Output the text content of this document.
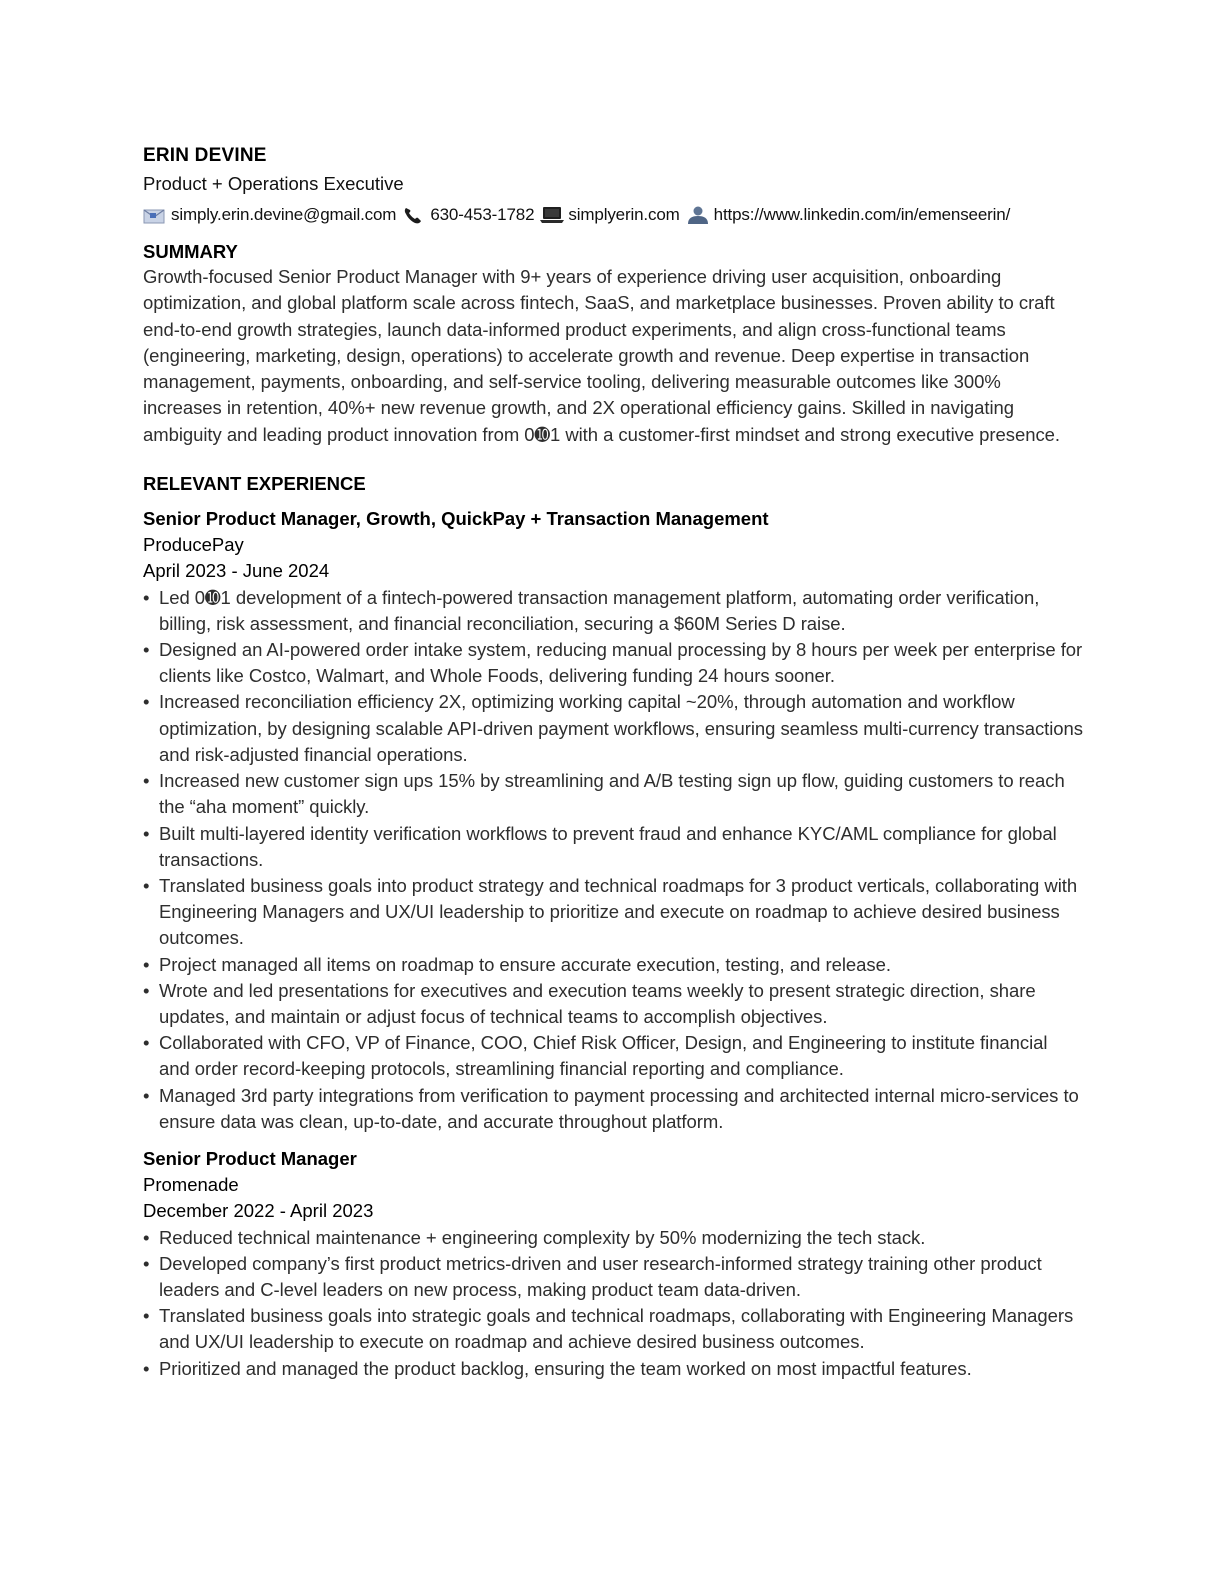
ERIN DEVINE
Product + Operations Executive
simply.erin.devine@gmail.com 630-453-1782 simplyerin.com https://www.linkedin.com/in/emenseerin/
SUMMARY

Growth-focused Senior Product Manager with 9+ years of experience driving user acquisition, onboarding optimization, and global platform scale across fintech, SaaS, and marketplace businesses. Proven ability to craft end-to-end growth strategies, launch data-informed product experiments, and align cross-functional teams (engineering, marketing, design, operations) to accelerate growth and revenue. Deep expertise in transaction management, payments, onboarding, and self-service tooling, delivering measurable outcomes like 300% increases in retention, 40%+ new revenue growth, and 2X operational efficiency gains. Skilled in navigating ambiguity and leading product innovation from 0➓1 with a customer-first mindset and strong executive presence.

RELEVANT EXPERIENCE
Senior Product Manager, Growth, QuickPay + Transaction Management
ProducePay
April 2023 - June 2024
• Led 0➓1 development of a fintech-powered transaction management platform, automating order verification, billing, risk assessment, and financial reconciliation, securing a $60M Series D raise.
• Designed an AI-powered order intake system, reducing manual processing by 8 hours per week per enterprise for clients like Costco, Walmart, and Whole Foods, delivering funding 24 hours sooner.
• Increased reconciliation efficiency 2X, optimizing working capital ~20%, through automation and workflow optimization, by designing scalable API-driven payment workflows, ensuring seamless multi-currency transactions and risk-adjusted financial operations.
• Increased new customer sign ups 15% by streamlining and A/B testing sign up flow, guiding customers to reach the “aha moment” quickly.
• Built multi-layered identity verification workflows to prevent fraud and enhance KYC/AML compliance for global transactions.
• Translated business goals into product strategy and technical roadmaps for 3 product verticals, collaborating with Engineering Managers and UX/UI leadership to prioritize and execute on roadmap to achieve desired business outcomes.
• Project managed all items on roadmap to ensure accurate execution, testing, and release.
• Wrote and led presentations for executives and execution teams weekly to present strategic direction, share updates, and maintain or adjust focus of technical teams to accomplish objectives.
• Collaborated with CFO, VP of Finance, COO, Chief Risk Officer, Design, and Engineering to institute financial and order record-keeping protocols, streamlining financial reporting and compliance.
• Managed 3rd party integrations from verification to payment processing and architected internal micro-services to ensure data was clean, up-to-date, and accurate throughout platform.
Senior Product Manager
Promenade
December 2022 - April 2023
• Reduced technical maintenance + engineering complexity by 50% modernizing the tech stack.
• Developed company’s first product metrics-driven and user research-informed strategy training other product leaders and C-level leaders on new process, making product team data-driven.
• Translated business goals into strategic goals and technical roadmaps, collaborating with Engineering Managers and UX/UI leadership to execute on roadmap and achieve desired business outcomes.
• Prioritized and managed the product backlog, ensuring the team worked on most impactful features.
